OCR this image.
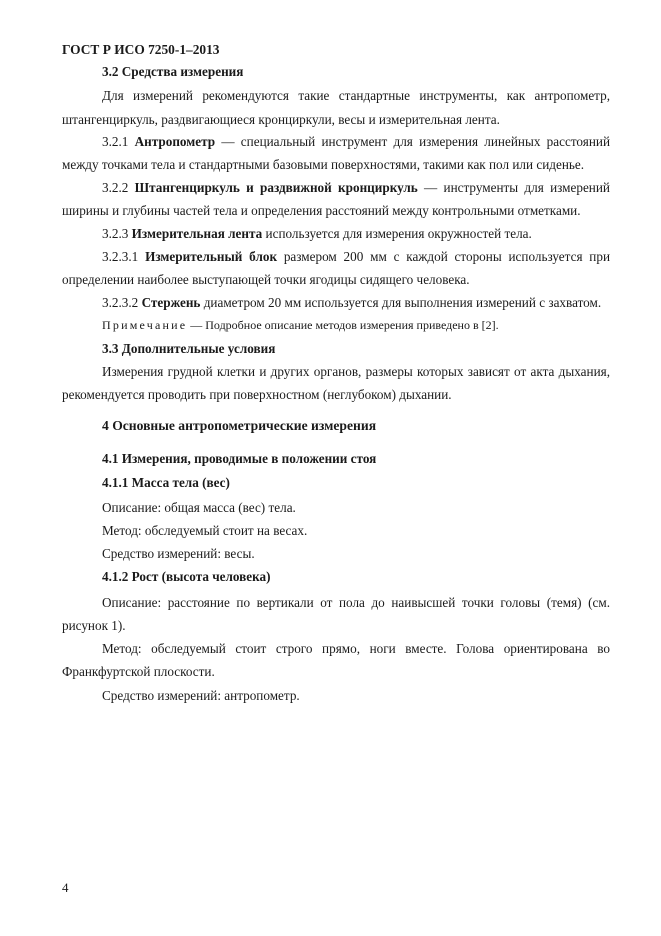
ГОСТ Р ИСО 7250-1–2013
3.2 Средства измерения
Для измерений рекомендуются такие стандартные инструменты, как антропометр,
штангенциркуль, раздвигающиеся кронциркули, весы и измерительная лента.
3.2.1 Антропометр — специальный инструмент для измерения линейных расстояний
между точками тела и стандартными базовыми поверхностями, такими как пол или сиденье.
3.2.2 Штангенциркуль и раздвижной кронциркуль — инструменты для измерений
ширины и глубины частей тела и определения расстояний между контрольными отметками.
3.2.3 Измерительная лента используется для измерения окружностей тела.
3.2.3.1 Измерительный блок размером 200 мм с каждой стороны используется при
определении наиболее выступающей точки ягодицы сидящего человека.
3.2.3.2 Стержень диаметром 20 мм используется для выполнения измерений с захватом.
Примечание — Подробное описание методов измерения приведено в [2].
3.3 Дополнительные условия
Измерения грудной клетки и других органов, размеры которых зависят от акта дыхания,
рекомендуется проводить при поверхностном (неглубоком) дыхании.
4 Основные антропометрические измерения
4.1 Измерения, проводимые в положении стоя
4.1.1 Масса тела (вес)
Описание: общая масса (вес) тела.
Метод: обследуемый стоит на весах.
Средство измерений: весы.
4.1.2 Рост (высота человека)
Описание: расстояние по вертикали от пола до наивысшей точки головы (темя) (см.
рисунок 1).
Метод: обследуемый стоит строго прямо, ноги вместе. Голова ориентирована во
Франкфуртской плоскости.
Средство измерений: антропометр.
4
